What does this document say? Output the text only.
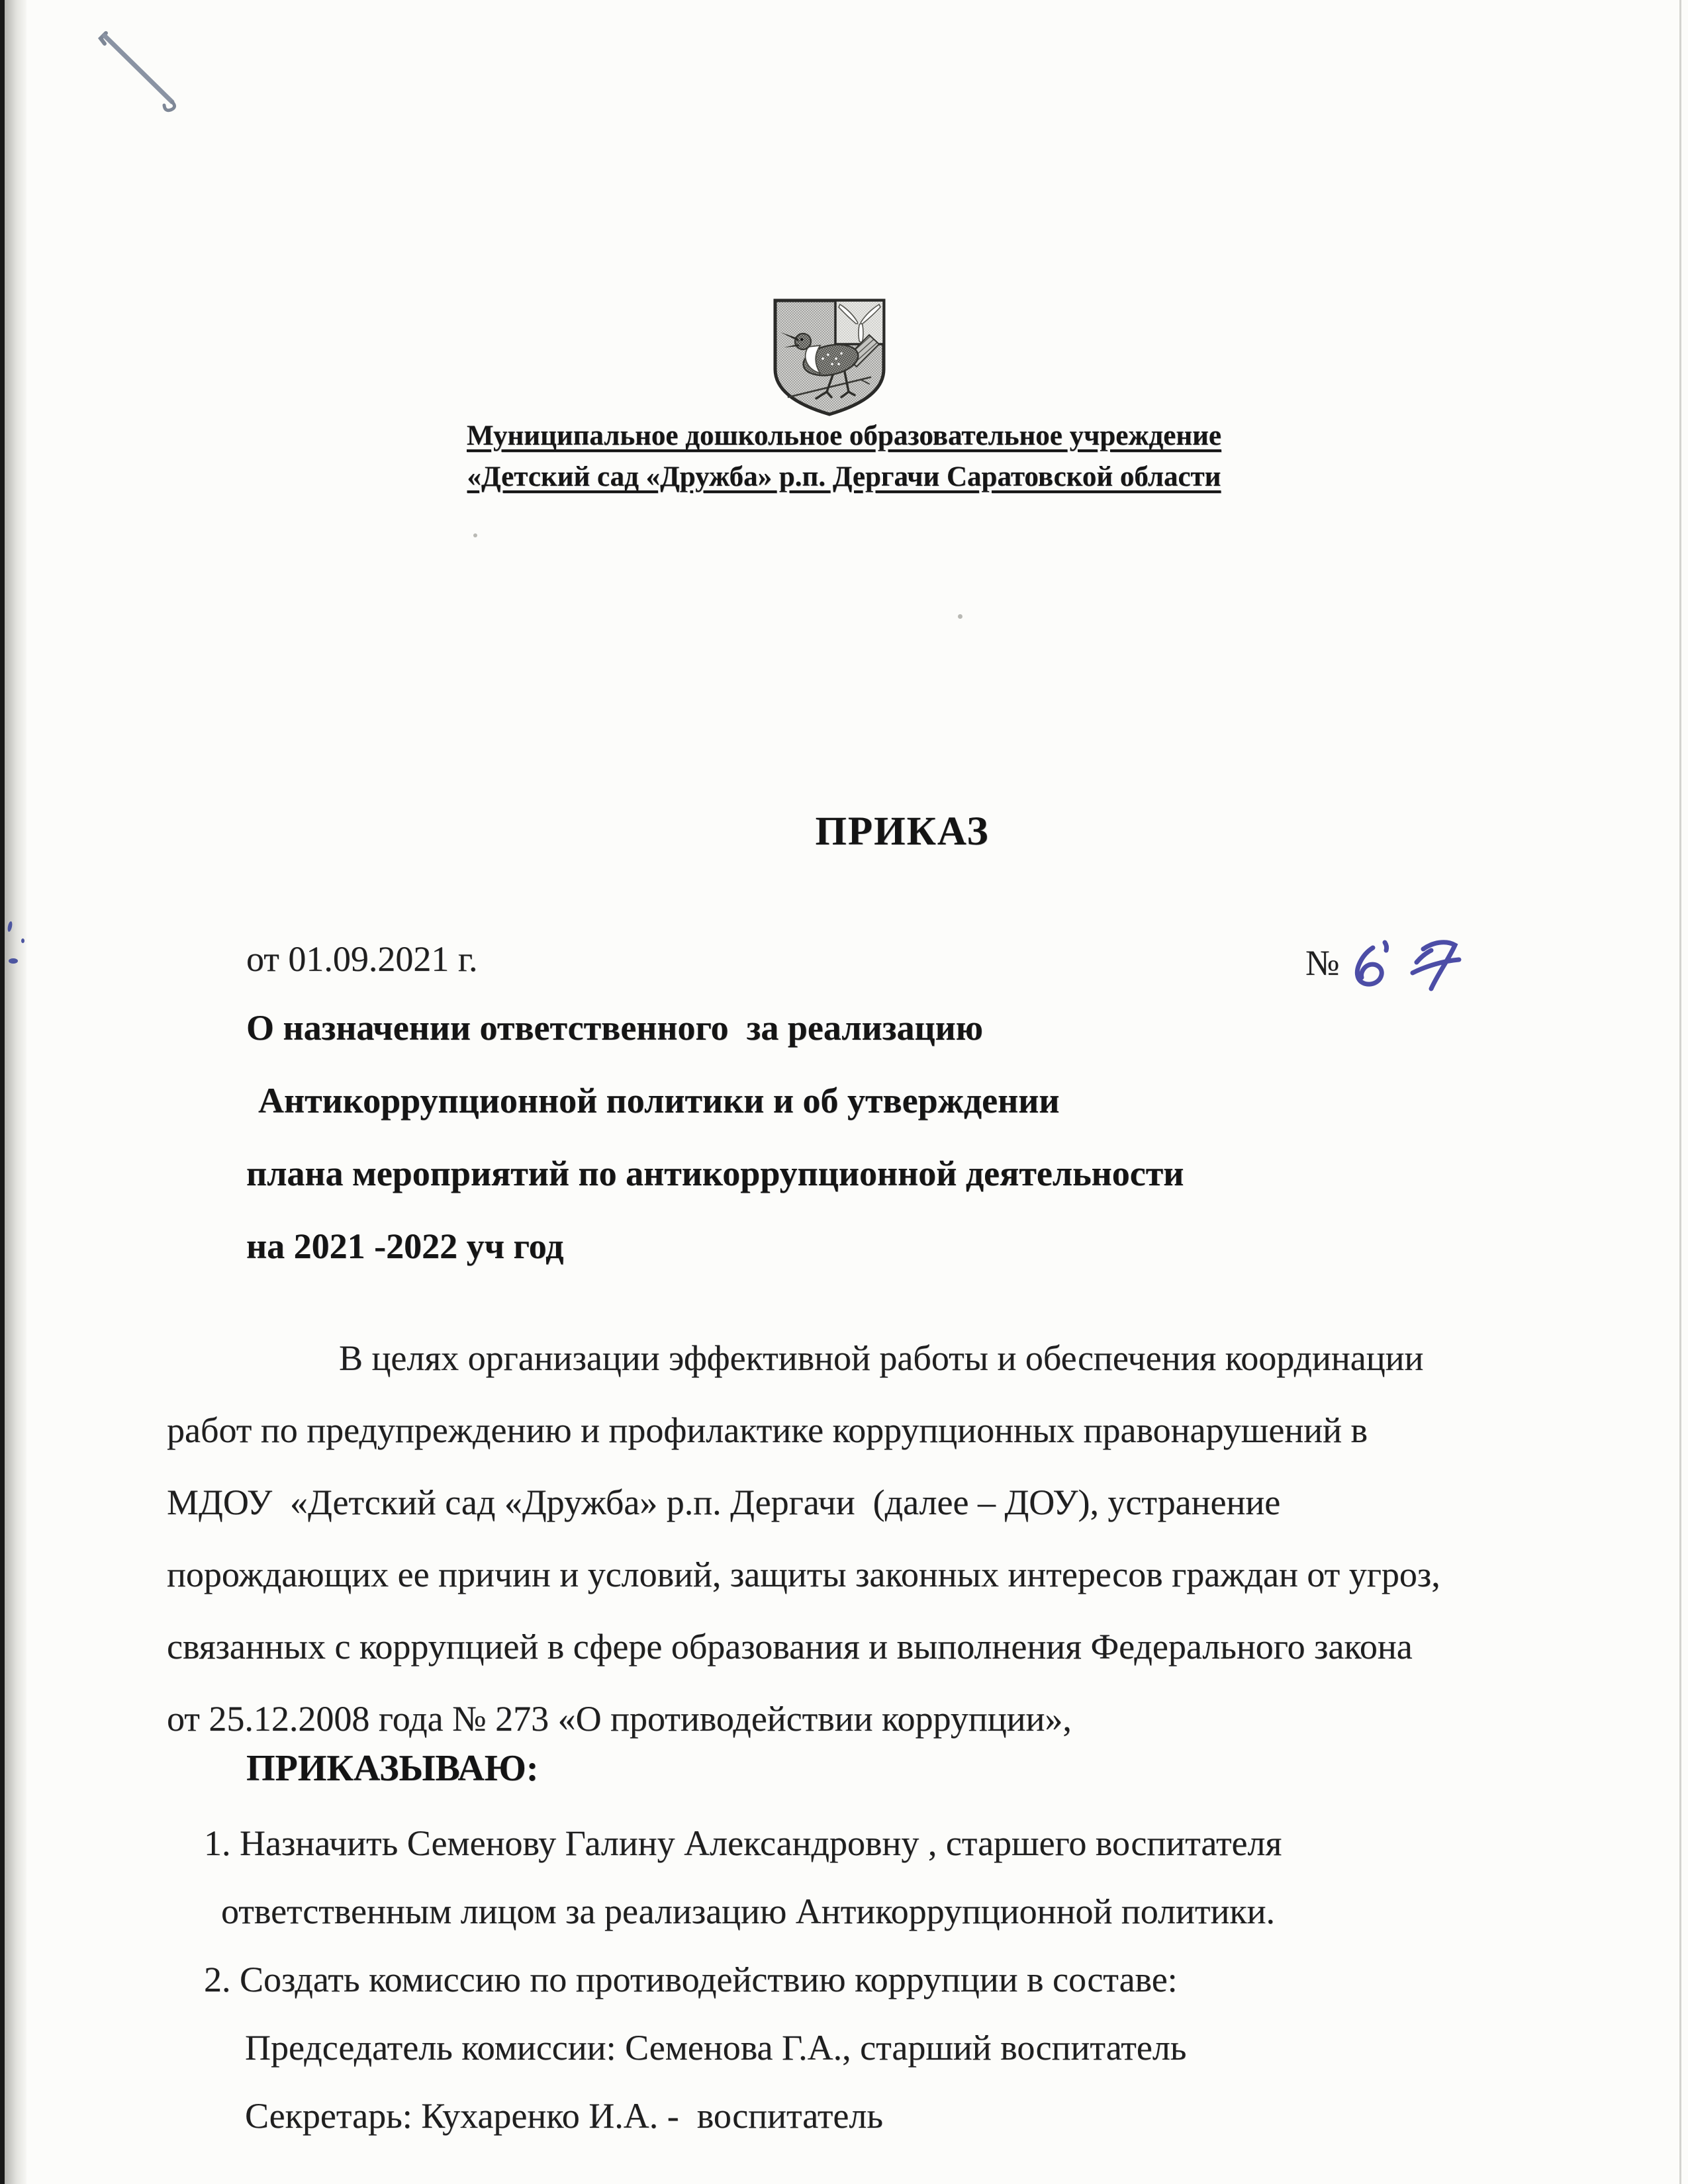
Муниципальное дошкольное образовательное учреждение
«Детский сад «Дружба» р.п. Дергачи Саратовской области
ПРИКАЗ
от 01.09.2021 г.	№
О назначении ответственного  за реализацию
Антикоррупционной политики и об утверждении
плана мероприятий по антикоррупционной деятельности
на 2021 -2022 уч год
В целях организации эффективной работы и обеспечения координации
работ по предупреждению и профилактике коррупционных правонарушений в
МДОУ  «Детский сад «Дружба» р.п. Дергачи  (далее – ДОУ), устранение
порождающих ее причин и условий, защиты законных интересов граждан от угроз,
связанных с коррупцией в сфере образования и выполнения Федерального закона
от 25.12.2008 года № 273 «О противодействии коррупции»,
ПРИКАЗЫВАЮ:
1. Назначить Семенову Галину Александровну , старшего воспитателя
ответственным лицом за реализацию Антикоррупционной политики.
2. Создать комиссию по противодействию коррупции в составе:
Председатель комиссии: Семенова Г.А., старший воспитатель
Секретарь: Кухаренко И.А. -  воспитатель
